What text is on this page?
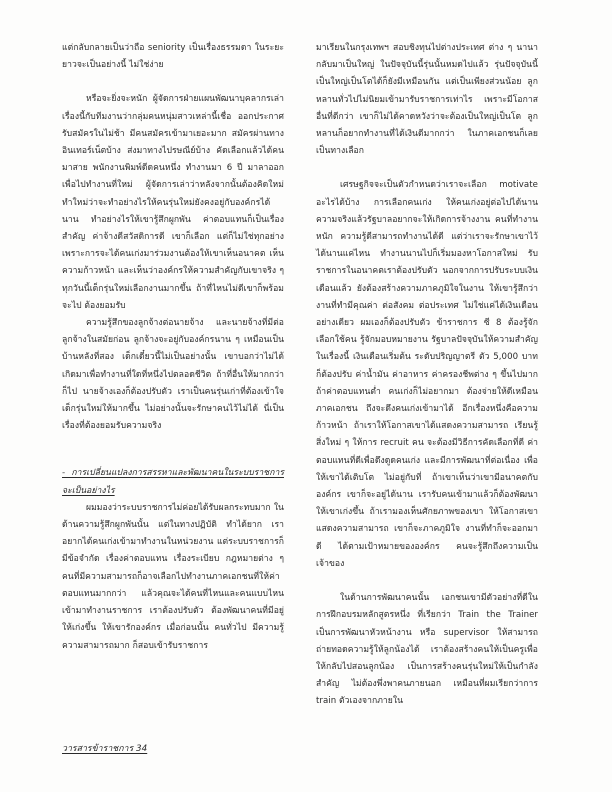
แต่กลับกลายเป็นว่าถือ seniority เป็นเรื่องธรรมดา ในระยะยาวจะเป็นอย่างนี้ ไม่ใช่ง่าย

หรือจะยิ่งจะหนัก ผู้จัดการฝ่ายแผนพัฒนาบุคลากรเล่าเรื่องนี้กับทีมงานว่ากลุ่มคนหนุ่มสาวเหล่านี้เชื่อ ออกประกาศรับสมัครในไม่ช้า มีคนสมัครเข้ามาเยอะมาก สมัครผ่านทางอินเทอร์เน็ตบ้าง ส่งมาทางไปรษณีย์บ้าง คัดเลือกแล้วได้คนมาสาย พนักงานพิมพ์ดีดคนหนึ่ง ทำงานมา 6 ปี มาลาออกเพื่อไปทำงานที่ใหม่ ผู้จัดการเล่าว่าหลังจากนั้นต้องคิดใหม่ทำใหม่ว่าจะทำอย่างไรให้คนรุ่นใหม่ยังคงอยู่กับองค์กรได้นาน ทำอย่างไรให้เขารู้สึกผูกพัน ค่าตอบแทนก็เป็นเรื่องสำคัญ ค่าจ้างดีสวัสดิการดี เขาก็เลือก แต่ก็ไม่ใช่ทุกอย่าง เพราะการจะได้คนเก่งมาร่วมงานต้องให้เขาเห็นอนาคต เห็นความก้าวหน้า และเห็นว่าองค์กรให้ความสำคัญกับเขาจริง ๆ ทุกวันนี้เด็กรุ่นใหม่เลือกงานมากขึ้น ถ้าที่ไหนไม่ดีเขาก็พร้อมจะไป ต้องยอมรับ

ความรู้สึกของลูกจ้างต่อนายจ้าง และนายจ้างที่มีต่อลูกจ้างในสมัยก่อน ลูกจ้างจะอยู่กับองค์กรนาน ๆ เหมือนเป็นบ้านหลังที่สอง เด็กเดี๋ยวนี้ไม่เป็นอย่างนั้น เขาบอกว่าไม่ได้เกิดมาเพื่อทำงานที่ใดที่หนึ่งไปตลอดชีวิต ถ้าที่อื่นให้มากกว่าก็ไป นายจ้างเองก็ต้องปรับตัว เราเป็นคนรุ่นเก่าที่ต้องเข้าใจเด็กรุ่นใหม่ให้มากขึ้น ไม่อย่างนั้นจะรักษาคนไว้ไม่ได้ นี่เป็นเรื่องที่ต้องยอมรับความจริง

- การเปลี่ยนแปลงการสรรหาและพัฒนาคนในระบบราชการจะเป็นอย่างไร

ผมมองว่าระบบราชการไม่ค่อยได้รับผลกระทบมาก ในด้านความรู้สึกผูกพันนั้น แต่ในทางปฏิบัติ ทำได้ยาก เราอยากได้คนเก่งเข้ามาทำงานในหน่วยงาน แต่ระบบราชการก็มีข้อจำกัด เรื่องค่าตอบแทน เรื่องระเบียบ กฎหมายต่าง ๆ คนที่มีความสามารถก็อาจเลือกไปทำงานภาคเอกชนที่ให้ค่าตอบแทนมากกว่า แล้วคุณจะได้คนที่ไหนและคนแบบไหนเข้ามาทำงานราชการ เราต้องปรับตัว ต้องพัฒนาคนที่มีอยู่ให้เก่งขึ้น ให้เขารักองค์กร เมื่อก่อนนั้น คนทั่วไป มีความรู้ความสามารถมาก ก็สอบเข้ารับราชการ

มาเรียนในกรุงเทพฯ สอบชิงทุนไปต่างประเทศ ต่าง ๆ นานา กลับมาเป็นใหญ่ ในปัจจุบันนี้รุ่นนั้นหมดไปแล้ว รุ่นปัจจุบันนี้เป็นใหญ่เป็นโตได้ก็ยังมีเหมือนกัน แต่เป็นเพียงส่วนน้อย ลูกหลานทั่วไปไม่นิยมเข้ามารับราชการเท่าไร เพราะมีโอกาสอื่นที่ดีกว่า เขาก็ไม่ได้คาดหวังว่าจะต้องเป็นใหญ่เป็นโต ลูกหลานก็อยากทำงานที่ได้เงินดีมากกว่า ในภาคเอกชนก็เลยเป็นทางเลือก

เศรษฐกิจจะเป็นตัวกำหนดว่าเราจะเลือก motivate อะไรได้บ้าง การเลือกคนเก่ง ให้คนเก่งอยู่ต่อไปได้นาน ความจริงแล้วรัฐบาลอยากจะให้เกิดการจ้างงาน คนที่ทำงานหนัก ความรู้ดีสามารถทำงานได้ดี แต่ว่าเราจะรักษาเขาไว้ได้นานแค่ไหน ทำงานนานไปก็เริ่มมองหาโอกาสใหม่ รับราชการในอนาคตเราต้องปรับตัว นอกจากการปรับระบบเงินเดือนแล้ว ยังต้องสร้างความภาคภูมิใจในงาน ให้เขารู้สึกว่างานที่ทำมีคุณค่า ต่อสังคม ต่อประเทศ ไม่ใช่แค่ได้เงินเดือนอย่างเดียว ผมเองก็ต้องปรับตัว ข้าราชการ ซี 8 ต้องรู้จักเลือกใช้คน รู้จักมอบหมายงาน รัฐบาลปัจจุบันให้ความสำคัญในเรื่องนี้ เงินเดือนเริ่มต้น ระดับปริญญาตรี ตัว 5,000 บาทก็ต้องปรับ ค่าน้ำมัน ค่าอาหาร ค่าครองชีพต่าง ๆ ขึ้นไปมาก ถ้าค่าตอบแทนต่ำ คนเก่งก็ไม่อยากมา ต้องจ่ายให้ดีเหมือนภาคเอกชน ถึงจะดึงคนเก่งเข้ามาได้ อีกเรื่องหนึ่งคือความก้าวหน้า ถ้าเราให้โอกาสเขาได้แสดงความสามารถ เรียนรู้สิ่งใหม่ ๆ ให้การ recruit คน จะต้องมีวิธีการคัดเลือกที่ดี ค่าตอบแทนที่ดีเพื่อดึงดูดคนเก่ง และมีการพัฒนาที่ต่อเนื่อง เพื่อให้เขาได้เติบโต ไม่อยู่กับที่ ถ้าเขาเห็นว่าเขามีอนาคตกับองค์กร เขาก็จะอยู่ได้นาน เรารับคนเข้ามาแล้วก็ต้องพัฒนาให้เขาเก่งขึ้น ถ้าเรามองเห็นศักยภาพของเขา ให้โอกาสเขาแสดงความสามารถ เขาก็จะภาคภูมิใจ งานที่ทำก็จะออกมาดี ได้ตามเป้าหมายขององค์กร คนจะรู้สึกถึงความเป็นเจ้าของ

ในด้านการพัฒนาคนนั้น เอกชนเขามีตัวอย่างที่ดีในการฝึกอบรมหลักสูตรหนึ่ง ที่เรียกว่า Train the Trainer เป็นการพัฒนาหัวหน้างาน หรือ supervisor ให้สามารถถ่ายทอดความรู้ให้ลูกน้องได้ เราต้องสร้างคนให้เป็นครูเพื่อให้กลับไปสอนลูกน้อง เป็นการสร้างคนรุ่นใหม่ให้เป็นกำลังสำคัญ ไม่ต้องพึ่งพาคนภายนอก เหมือนที่ผมเรียกว่าการ train ตัวเองจากภายใน

วารสารข้าราชการ 34
